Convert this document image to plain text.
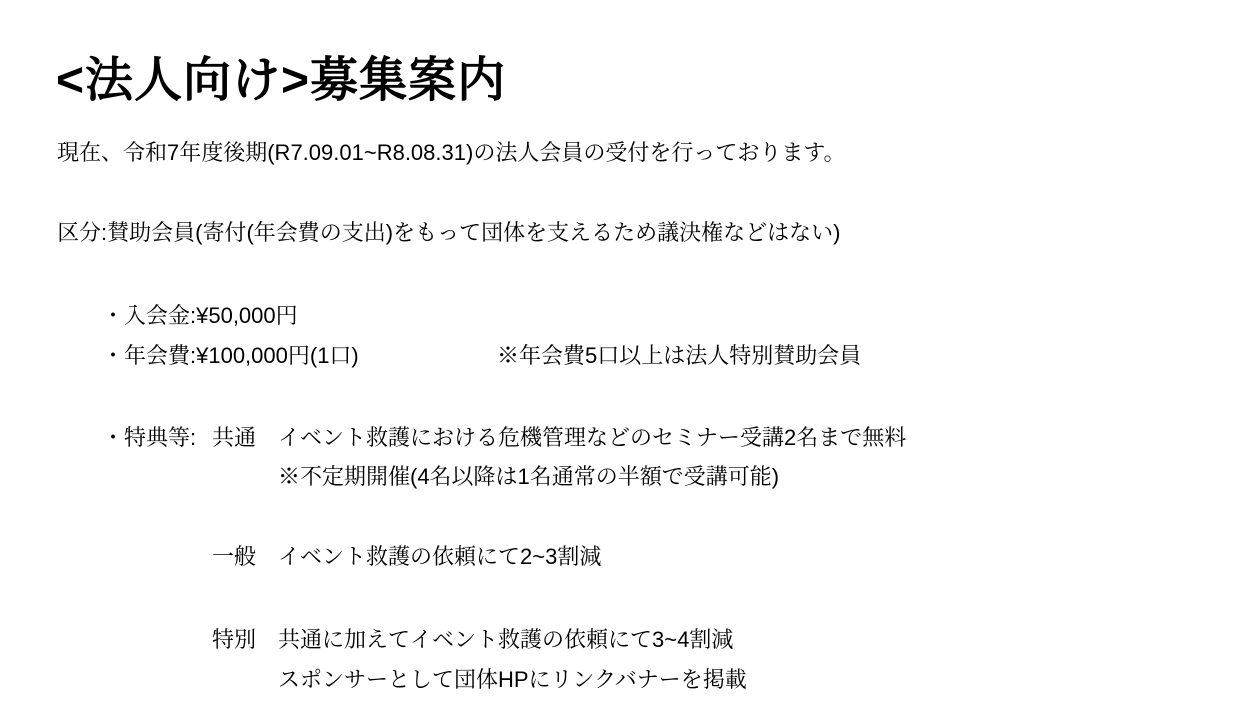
<法人向け>募集案内
現在、令和7年度後期(R7.09.01~R8.08.31)の法人会員の受付を行っております。
区分:賛助会員(寄付(年会費の支出)をもって団体を支えるため議決権などはない)
・入会金:¥50,000円
・年会費:¥100,000円(1口)	※年会費5口以上は法人特別賛助会員
・特典等: 共通 イベント救護における危機管理などのセミナー受講2名まで無料
※不定期開催(4名以降は1名通常の半額で受講可能)
一般 イベント救護の依頼にて2~3割減
特別 共通に加えてイベント救護の依頼にて3~4割減
スポンサーとして団体HPにリンクバナーを掲載
